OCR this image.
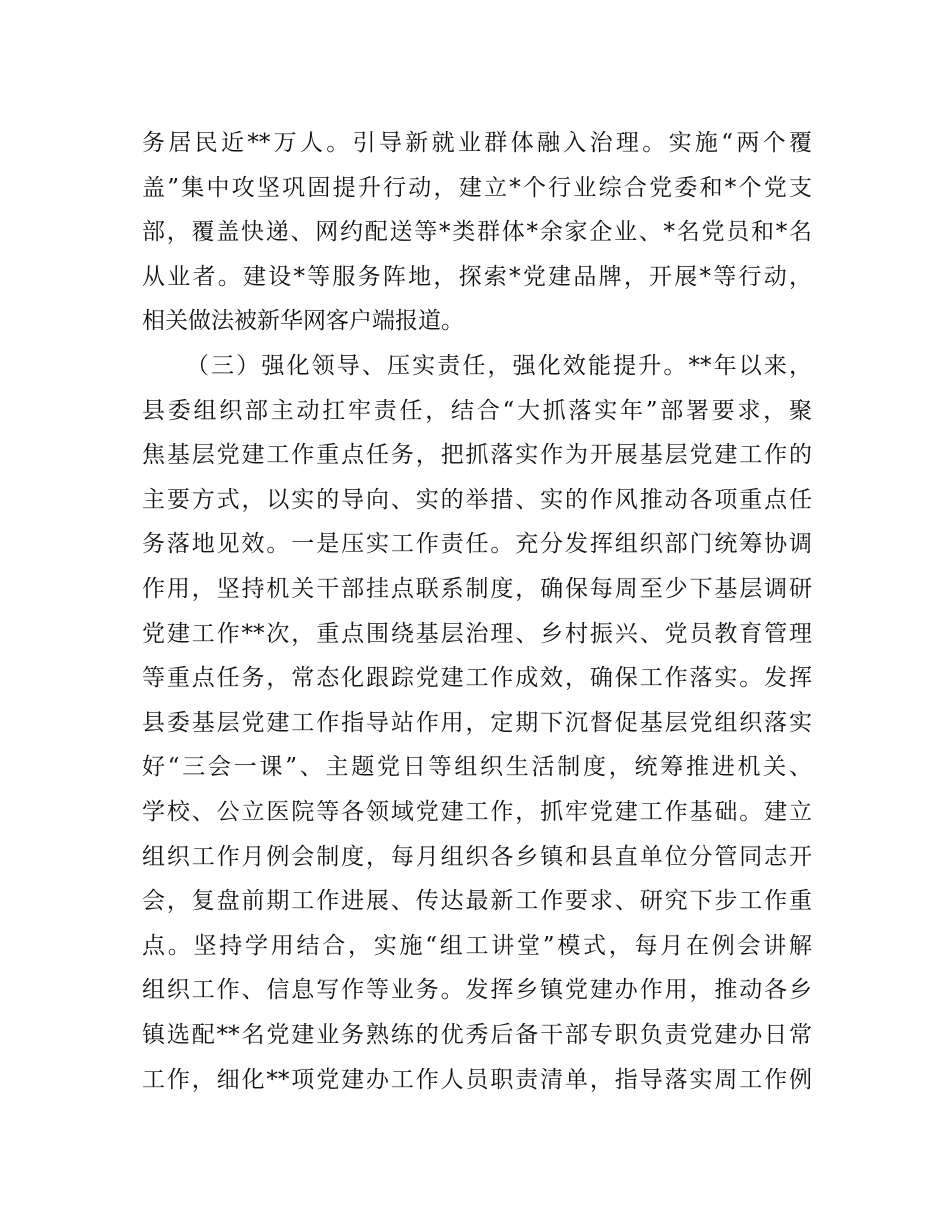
务居民近**万人。引导新就业群体融入治理。实施“两个覆
盖”集中攻坚巩固提升行动，建立*个行业综合党委和*个党支
部，覆盖快递、网约配送等*类群体*余家企业、*名党员和*名
从业者。建设*等服务阵地，探索*党建品牌，开展*等行动，
相关做法被新华网客户端报道。
（三）强化领导、压实责任，强化效能提升。**年以来，
县委组织部主动扛牢责任，结合“大抓落实年”部署要求，聚
焦基层党建工作重点任务，把抓落实作为开展基层党建工作的
主要方式，以实的导向、实的举措、实的作风推动各项重点任
务落地见效。一是压实工作责任。充分发挥组织部门统筹协调
作用，坚持机关干部挂点联系制度，确保每周至少下基层调研
党建工作**次，重点围绕基层治理、乡村振兴、党员教育管理
等重点任务，常态化跟踪党建工作成效，确保工作落实。发挥
县委基层党建工作指导站作用，定期下沉督促基层党组织落实
好“三会一课”、主题党日等组织生活制度，统筹推进机关、
学校、公立医院等各领域党建工作，抓牢党建工作基础。建立
组织工作月例会制度，每月组织各乡镇和县直单位分管同志开
会，复盘前期工作进展、传达最新工作要求、研究下步工作重
点。坚持学用结合，实施“组工讲堂”模式，每月在例会讲解
组织工作、信息写作等业务。发挥乡镇党建办作用，推动各乡
镇选配**名党建业务熟练的优秀后备干部专职负责党建办日常
工作，细化**项党建办工作人员职责清单，指导落实周工作例
